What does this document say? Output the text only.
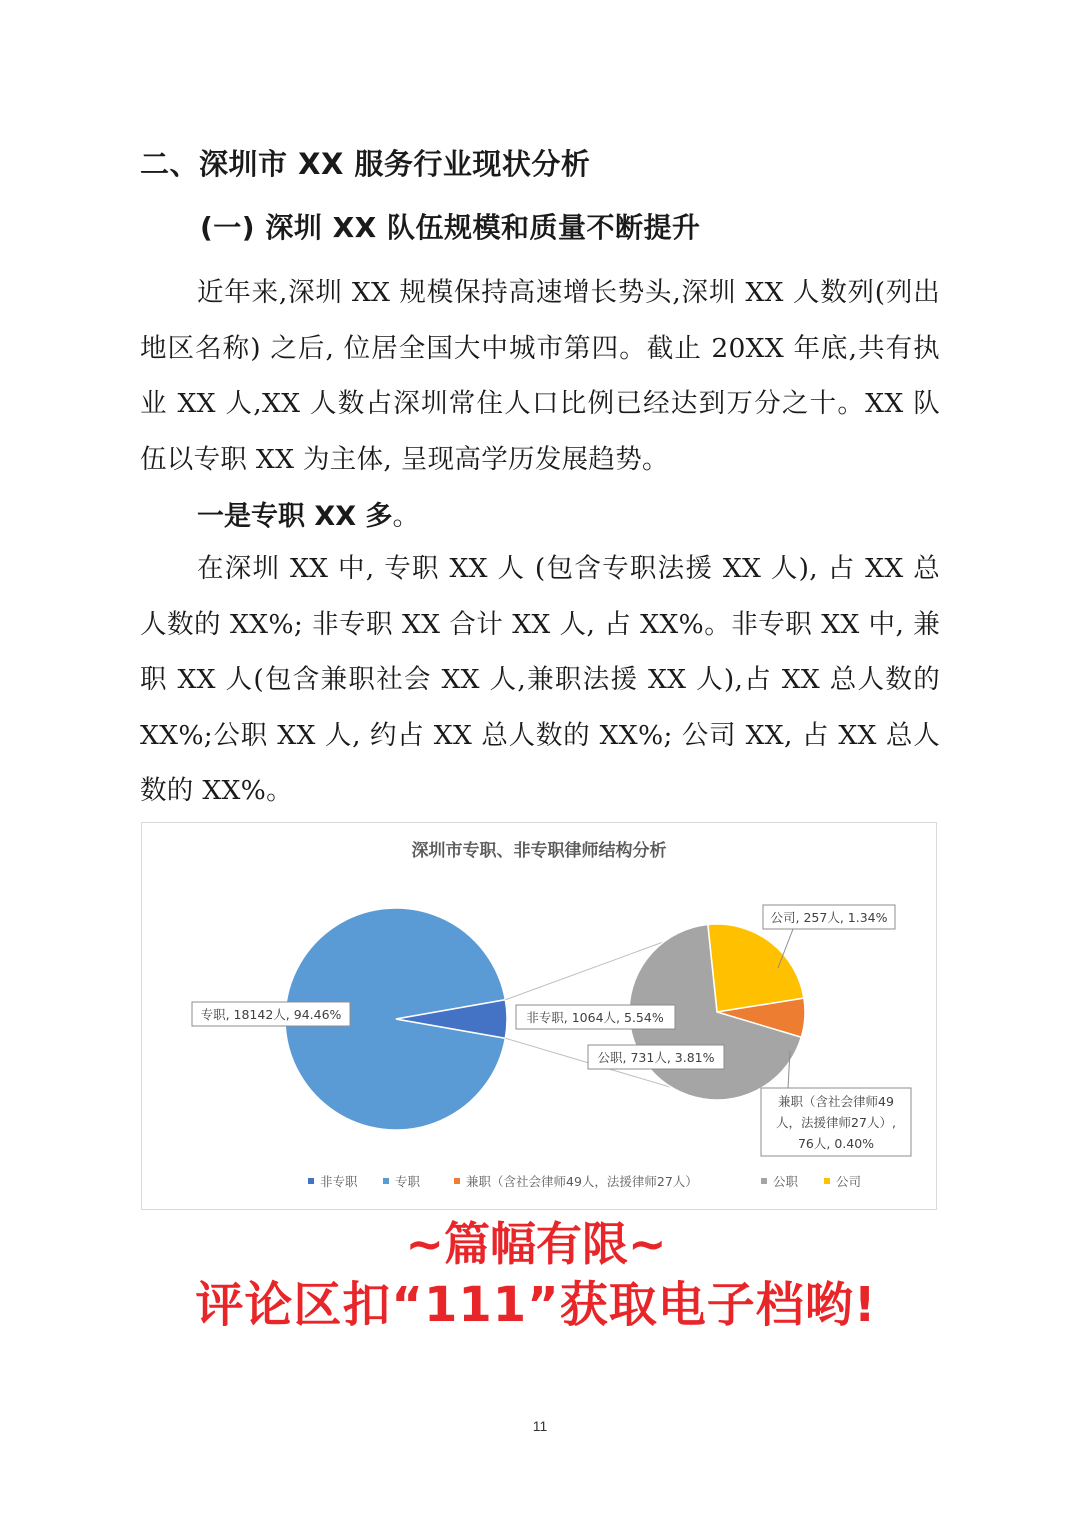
二、深圳市 XX 服务行业现状分析
(一) 深圳 XX 队伍规模和质量不断提升

近年来,深圳 XX 规模保持高速增长势头,深圳 XX 人数列(列出地区名称) 之后, 位居全国大中城市第四。截止 20XX 年底,共有执业 XX 人,XX 人数占深圳常住人口比例已经达到万分之十。XX 队伍以专职 XX 为主体, 呈现高学历发展趋势。

一是专职 XX 多。

在深圳 XX 中, 专职 XX 人 (包含专职法援 XX 人), 占 XX 总人数的 XX%; 非专职 XX 合计 XX 人, 占 XX%。非专职 XX 中, 兼职 XX 人(包含兼职社会 XX 人,兼职法援 XX 人),占 XX 总人数的 XX%;公职 XX 人, 约占 XX 总人数的 XX%; 公司 XX, 占 XX 总人数的 XX%。

深圳市专职、非专职律师结构分析
专职, 18142人, 94.46%	非专职, 1064人, 5.54%
公司, 257人, 1.34%
公职, 731人, 3.81%
兼职（含社会律师49
人，法援律师27人）,
76人, 0.40%
非专职	专职	兼职（含社会律师49人，法援律师27人）	公职	公司
~篇幅有限~
评论区扣“111”获取电子档哟!
11
